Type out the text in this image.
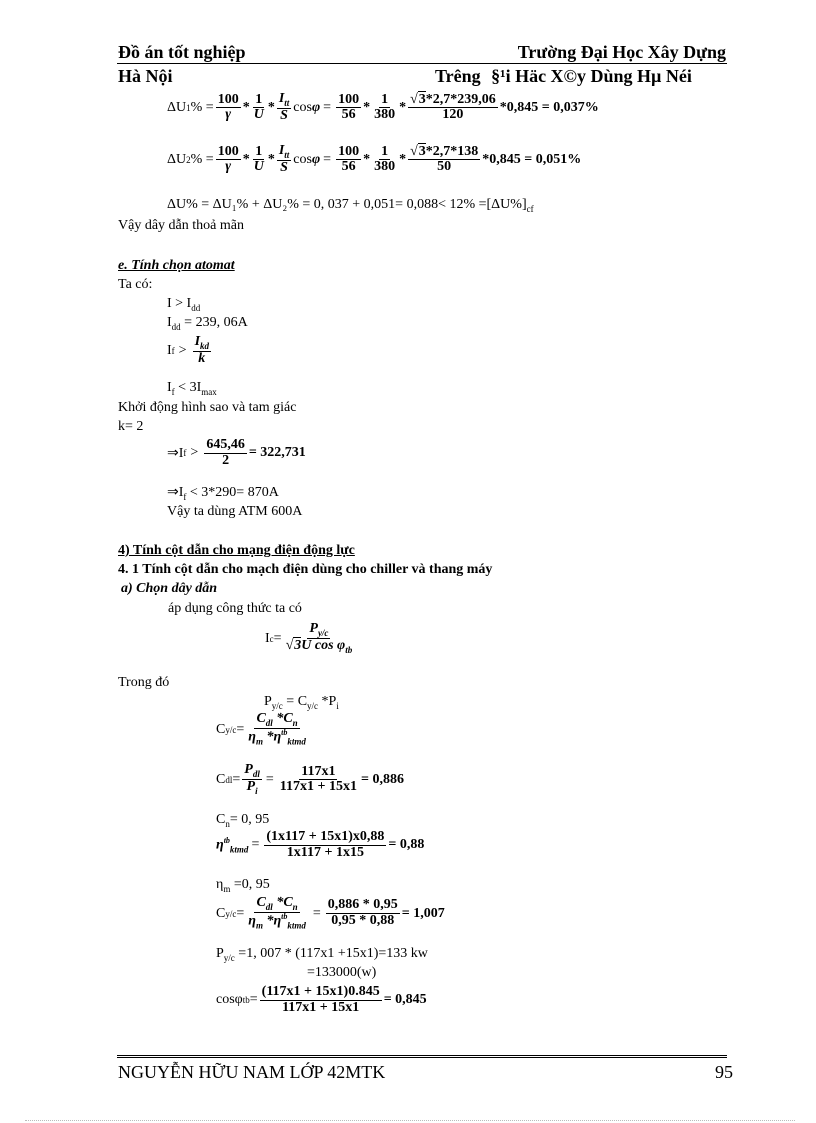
Đồ án tốt nghiệp	Trường Đại Học Xây Dựng
Hà Nội	Trêng §¹i Häc X©y Dùng Hµ Néi
ΔU 1 % = $\frac{100}{\gamma} * \frac{1}{U}$ *
$I_{tt}$
S
$\cos \varphi = \frac{100}{56} * \frac{1}{380}$ *
√3*2,7*239,06
120	*0,845 = 0,037%
ΔU 2 % = $\frac{100}{\gamma} * \frac{1}{U}$ *
$I_{tt}$
S
$\cos \varphi = \frac{100}{56} * \frac{1}{380}$ *
√3*2,7*138
50 *0,845 = 0,051%
ΔU% = ΔU₁% + ΔU₂% = 0, $037 + 0,051= 0,088< 12\% =[\Delta U\%]_{cf}$
Vậy dây dẫn thoả mãn
e. Tính chọn atomat
Ta có:
$I > I_{dd}$
$I_{dd} = 239$, 06A
I f >
$I_{kd}$
k
$I_f < 3I_{max}$
Khởi động hình sao và tam giác
k= 2
⇒I $f > \frac{645,46}{2} = 322,731$
$\Rightarrow I_f < 3*290= 870A$
Vậy ta dùng ATM 600A
4) Tính cột dẫn cho mạng điện động lực
4. 1 Tính cột dẫn cho mạch điện dùng cho chiller và thang máy
a) Chọn dây dẫn
áp dụng công thức ta có
I c =
$P_{y/c}$
√3U $\cos \varphi_{tb}$
Trong đó
$P_{y/c} = C_{y/c}$ $*P_i$
C y/c =
$C_{dl}$ $*C_n$
$\eta_m$ $*\eta^{tb}_{ktmd}$
C dl =
$P_{dl}$
$P_i$
= $\frac{117x1}{117x1 + 15x1} = 0,886$
$C_n= 0$, 95
$\eta^{tb}_{ktmd} = \frac{(1x117 + 15x1)x0,88}{1x117 + 1x15} = 0,88$
$\eta_m =0$, 95
C y/c =
$C_{dl}$ $*C_n$
$\eta_m$ $*\eta^{tb}_{ktmd}$
= $\frac{0,886 * 0,95}{0,95 * 0,88} = 1,007$
$P_{y/c} =1$, 007 * (117x1 +15x1)=133 kw
=133000(w)
cosφ tb = $\frac{(117x1 + 15x1)0.845}{117x1 + 15x1} = 0,845$
NGUYỄN HỮU NAM LỚP 42MTK	95
